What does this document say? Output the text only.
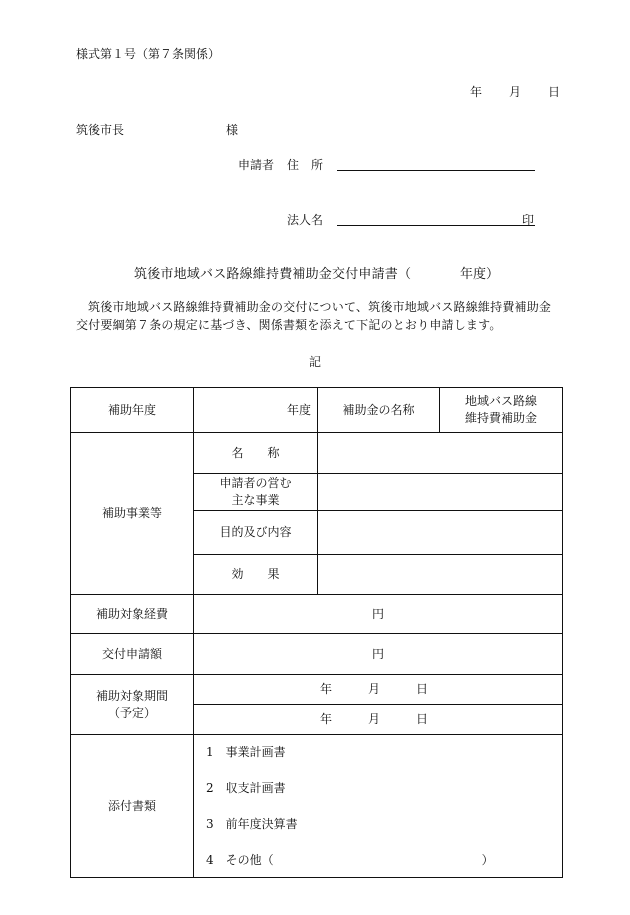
様式第１号（第７条関係）
年　　月　　日
筑後市長	様
申請者 住　所
法人名	印
筑後市地域バス路線維持費補助金交付申請書（	年度）
筑後市地域バス路線維持費補助金の交付について、筑後市地域バス路線維持費補助金交付要綱第７条の規定に基づき、関係書類を添えて下記のとおり申請します。
記
補助年度	年度	補助金の名称	地域バス路線
維持費補助金

補助事業等	名　　称		

	申請者の営む
主な事業		

	目的及び内容		
	効　　果		
補助対象経費	円		
交付申請額	円		

補助対象期間
（予定）	年　　　月　　　日		
	年　　　月　　　日		
添付書類	1　事業計画書
2　収支計画書
3　前年度決算書
4　その他（ ）		
